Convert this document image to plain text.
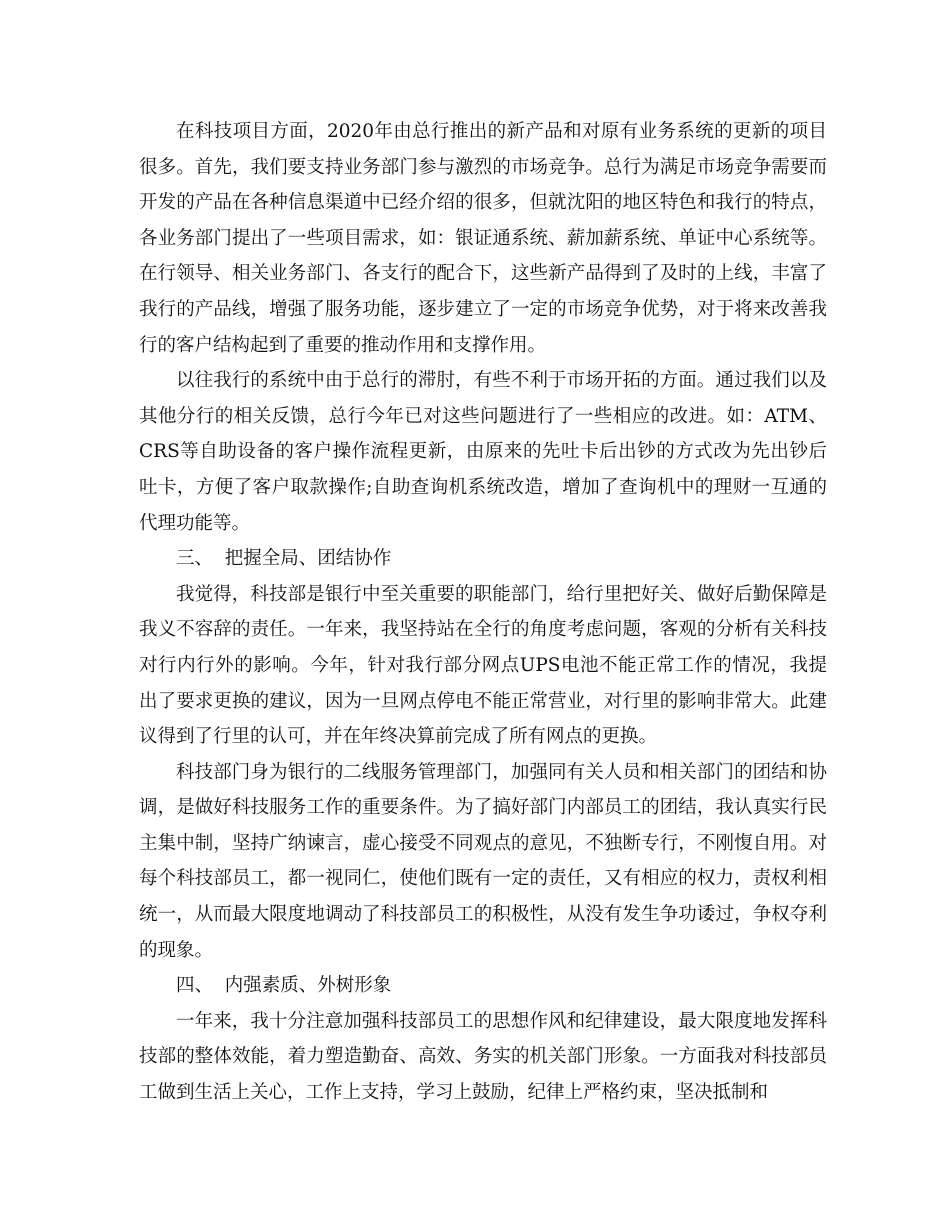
在科技项目方面，2020年由总行推出的新产品和对原有业务系统的更新的项目很多。首先，我们要支持业务部门参与激烈的市场竞争。总行为满足市场竞争需要而开发的产品在各种信息渠道中已经介绍的很多，但就沈阳的地区特色和我行的特点，各业务部门提出了一些项目需求，如：银证通系统、薪加薪系统、单证中心系统等。在行领导、相关业务部门、各支行的配合下，这些新产品得到了及时的上线，丰富了我行的产品线，增强了服务功能，逐步建立了一定的市场竞争优势，对于将来改善我行的客户结构起到了重要的推动作用和支撑作用。

以往我行的系统中由于总行的滞肘，有些不利于市场开拓的方面。通过我们以及其他分行的相关反馈，总行今年已对这些问题进行了一些相应的改进。如：ATM、CRS等自助设备的客户操作流程更新，由原来的先吐卡后出钞的方式改为先出钞后吐卡，方便了客户取款操作;自助查询机系统改造，增加了查询机中的理财一互通的代理功能等。

三、  把握全局、团结协作

我觉得，科技部是银行中至关重要的职能部门，给行里把好关、做好后勤保障是我义不容辞的责任。一年来，我坚持站在全行的角度考虑问题，客观的分析有关科技对行内行外的影响。今年，针对我行部分网点UPS电池不能正常工作的情况，我提出了要求更换的建议，因为一旦网点停电不能正常营业，对行里的影响非常大。此建议得到了行里的认可，并在年终决算前完成了所有网点的更换。

科技部门身为银行的二线服务管理部门，加强同有关人员和相关部门的团结和协调，是做好科技服务工作的重要条件。为了搞好部门内部员工的团结，我认真实行民主集中制，坚持广纳谏言，虚心接受不同观点的意见，不独断专行，不刚愎自用。对每个科技部员工，都一视同仁，使他们既有一定的责任，又有相应的权力，责权利相统一，从而最大限度地调动了科技部员工的积极性，从没有发生争功诿过，争权夺利的现象。

四、  内强素质、外树形象

一年来，我十分注意加强科技部员工的思想作风和纪律建设，最大限度地发挥科技部的整体效能，着力塑造勤奋、高效、务实的机关部门形象。一方面我对科技部员工做到生活上关心，工作上支持，学习上鼓励，纪律上严格约束，坚决抵制和
